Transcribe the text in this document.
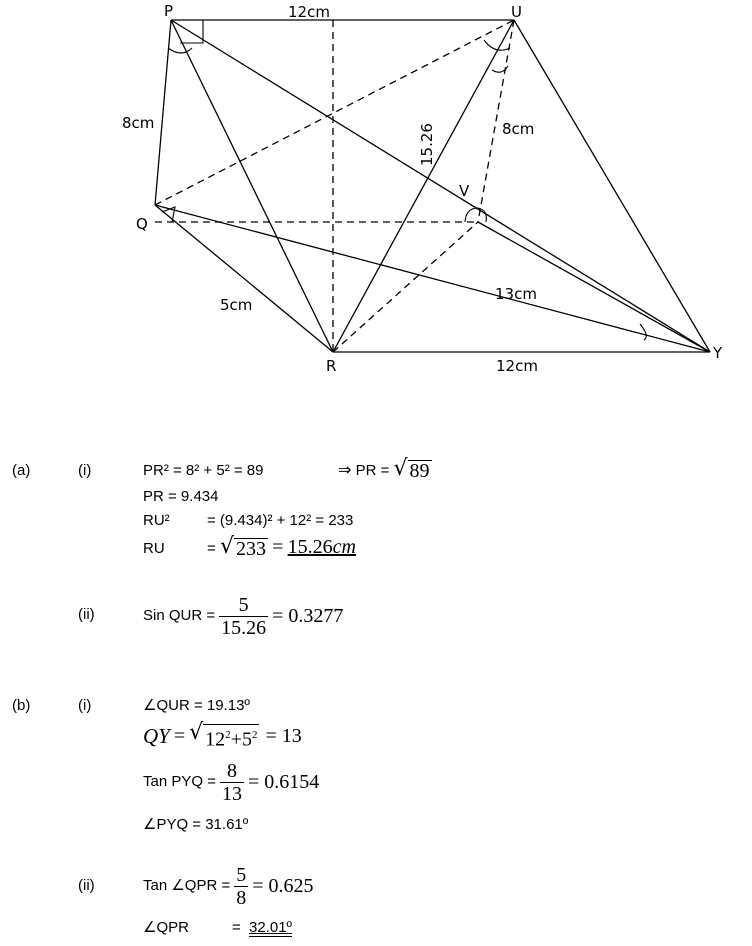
P	U
Q
V
R
Y
12cm
8cm	8cm
15.26
5cm
13cm
12cm
(a)	(i)	PR² = 8² + 5² = 89	⇒ PR = √ 89
PR = 9.434
RU² = (9.434)² + 12² = 233
RU	= √ 233 = 15.26cm
(ii)	Sin QUR = $\frac{5}{15.26} = 0.3277$
(b)	(i)	∠QUR = 19.13º
QY = √ $12^2+5^2 = 13$
Tan PYQ = $\frac{8}{13} = 0.6154$
∠PYQ = 31.61º
(ii)	Tan ∠QPR = $\frac{5}{8} = 0.625$
∠QPR	= 32.01º
